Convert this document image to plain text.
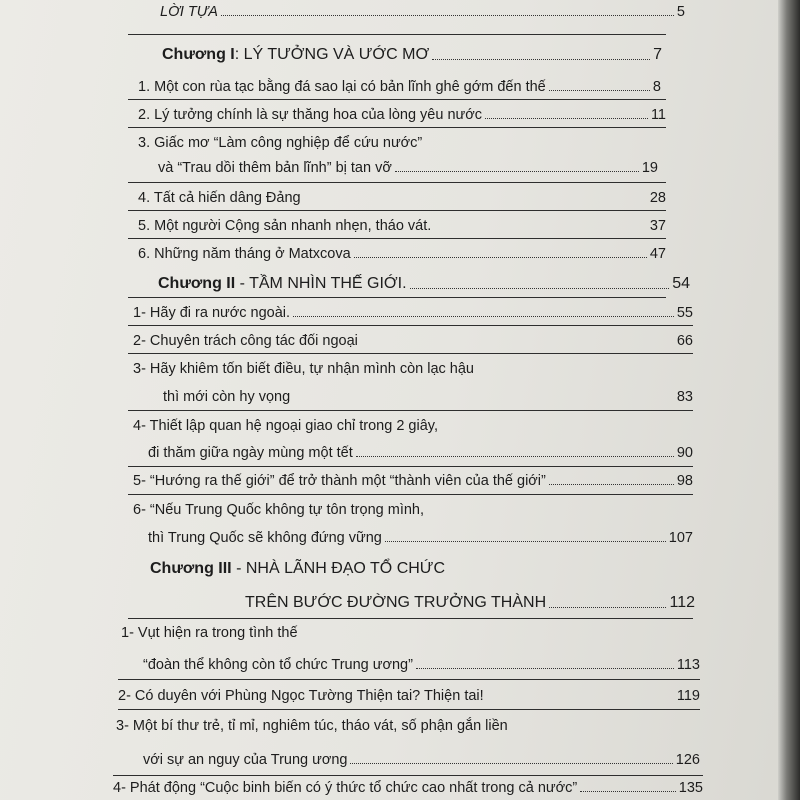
LỜI TỰA	5
Chương I: LÝ TƯỞNG VÀ ƯỚC MƠ	7
1. Một con rùa tạc bằng đá sao lại có bản lĩnh ghê gớm đến thế	8
2. Lý tưởng chính là sự thăng hoa của lòng yêu nước	11
3. Giấc mơ “Làm công nghiệp để cứu nước”
và “Trau dồi thêm bản lĩnh” bị tan vỡ	19
4. Tất cả hiến dâng Đảng	28
5. Một người Cộng sản nhanh nhẹn, tháo vát.	37
6. Những năm tháng ở Matxcova	47
Chương II - TẦM NHÌN THẾ GIỚI.	54
1- Hãy đi ra nước ngoài.	55
2- Chuyên trách công tác đối ngoại	66
3- Hãy khiêm tốn biết điều, tự nhận mình còn lạc hậu
thì mới còn hy vọng	83
4- Thiết lập quan hệ ngoại giao chỉ trong 2 giây,
đi thăm giữa ngày mùng một tết	90
5- “Hướng ra thế giới” để trở thành một “thành viên của thế giới”	98
6- “Nếu Trung Quốc không tự tôn trọng mình,
thì Trung Quốc sẽ không đứng vững	107
Chương III - NHÀ LÃNH ĐẠO TỔ CHỨC
TRÊN BƯỚC ĐƯỜNG TRƯỞNG THÀNH	112
1- Vụt hiện ra trong tình thế
“đoàn thể không còn tổ chức Trung ương”	113
2- Có duyên với Phùng Ngọc Tường Thiện tai? Thiện tai!	119
3- Một bí thư trẻ, tỉ mỉ, nghiêm túc, tháo vát, số phận gắn liền
với sự an nguy của Trung ương	126
4- Phát động “Cuộc binh biến có ý thức tổ chức cao nhất trong cả nước”	135
